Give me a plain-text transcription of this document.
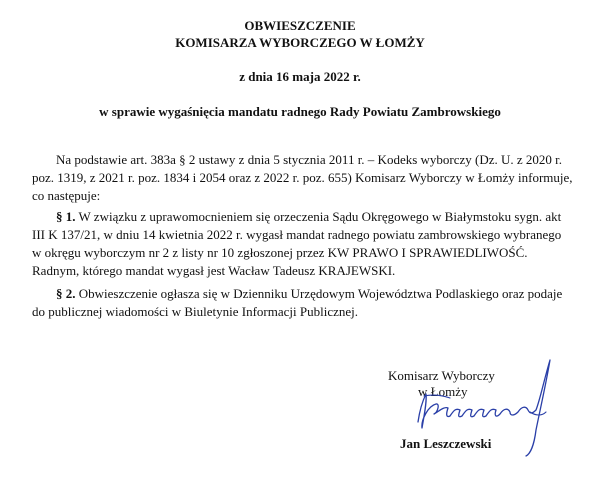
OBWIESZCZENIE
KOMISARZA WYBORCZEGO W ŁOMŻY
z dnia 16 maja 2022 r.
w sprawie wygaśnięcia mandatu radnego Rady Powiatu Zambrowskiego
Na podstawie art. 383a § 2 ustawy z dnia 5 stycznia 2011 r. – Kodeks wyborczy (Dz. U. z 2020 r.
poz. 1319, z 2021 r. poz. 1834 i 2054 oraz z 2022 r. poz. 655) Komisarz Wyborczy w Łomży informuje,
co następuje:
§ 1. W związku z uprawomocnieniem się orzeczenia Sądu Okręgowego w Białymstoku sygn. akt
III K 137/21, w dniu 14 kwietnia 2022 r. wygasł mandat radnego powiatu zambrowskiego wybranego
w okręgu wyborczym nr 2 z listy nr 10 zgłoszonej przez KW PRAWO I SPRAWIEDLIWOŚĆ.
Radnym, którego mandat wygasł jest Wacław Tadeusz KRAJEWSKI.
§ 2. Obwieszczenie ogłasza się w Dzienniku Urzędowym Województwa Podlaskiego oraz podaje
do publicznej wiadomości w Biuletynie Informacji Publicznej.
Komisarz Wyborczy
w Łomży
Jan Leszczewski
